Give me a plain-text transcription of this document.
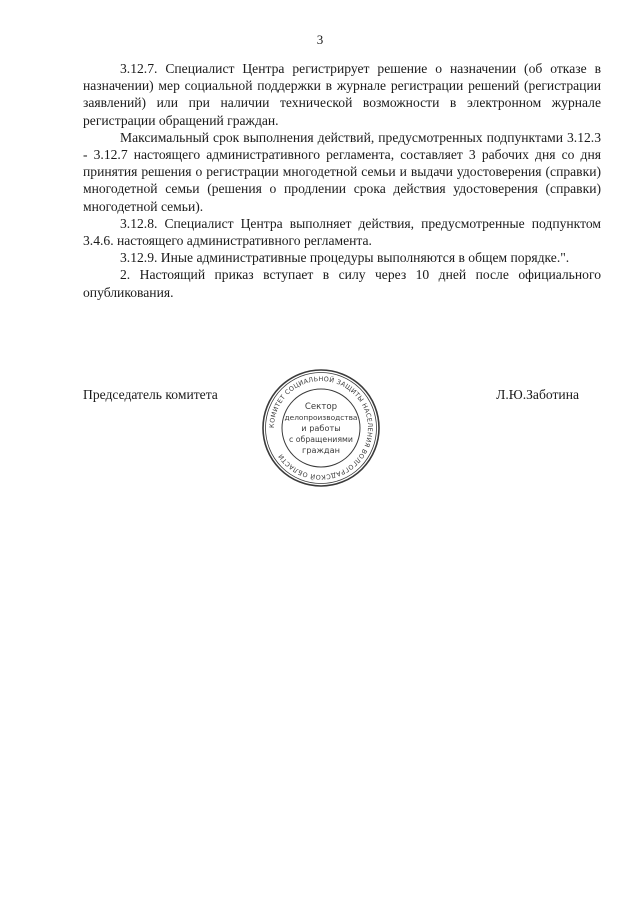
3

3.12.7. Специалист Центра регистрирует решение о назначении (об отказе в назначении) мер социальной поддержки в журнале регистрации решений (регистрации заявлений) или при наличии технической возможности в электронном журнале регистрации обращений граждан.

Максимальный срок выполнения действий, предусмотренных подпунктами 3.12.3 - 3.12.7 настоящего административного регламента, составляет 3 рабочих дня со дня принятия решения о регистрации многодетной семьи и выдачи удостоверения (справки) многодетной семьи (решения о продлении срока действия удостоверения (справки) многодетной семьи).

3.12.8. Специалист Центра выполняет действия, предусмотренные подпунктом 3.4.6. настоящего административного регламента.

3.12.9. Иные административные процедуры выполняются в общем порядке.".

2. Настоящий приказ вступает в силу через 10 дней после официального опубликования.

Председатель комитета	Л.Ю.Заботина
КОМИТЕТ СОЦИАЛЬНОЙ ЗАЩИТЫ НАСЕЛЕНИЯ ВОЛГОГРАДСКОЙ ОБЛАСТИ
Сектор
делопроизводства
и работы
с обращениями
граждан
